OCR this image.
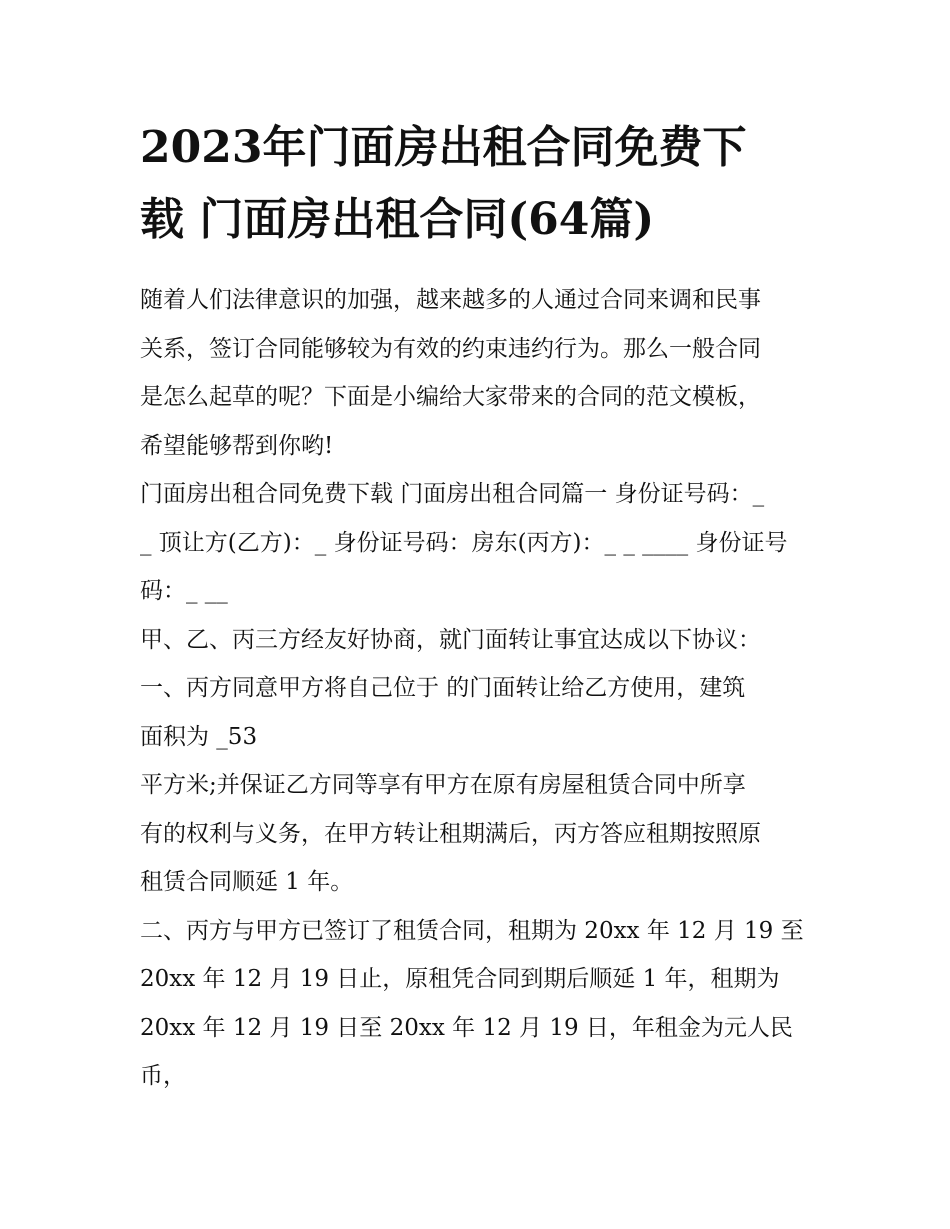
2023年门面房出租合同免费下
载 门面房出租合同(64篇)

随着人们法律意识的加强，越来越多的人通过合同来调和民事

关系，签订合同能够较为有效的约束违约行为。那么一般合同

是怎么起草的呢？下面是小编给大家带来的合同的范文模板，

希望能够帮到你哟!

门面房出租合同免费下载 门面房出租合同篇一 身份证号码：_

_ 顶让方(乙方)：_ 身份证号码：房东(丙方)：_ _ ____ 身份证号

码：_ __

甲、乙、丙三方经友好协商，就门面转让事宜达成以下协议：

一、丙方同意甲方将自己位于 的门面转让给乙方使用，建筑

面积为 _53

平方米;并保证乙方同等享有甲方在原有房屋租赁合同中所享

有的权利与义务，在甲方转让租期满后，丙方答应租期按照原

租赁合同顺延 1 年。

二、丙方与甲方已签订了租赁合同，租期为 20xx 年 12 月 19 至

20xx 年 12 月 19 日止，原租凭合同到期后顺延 1 年，租期为

20xx 年 12 月 19 日至 20xx 年 12 月 19 日，年租金为元人民币，
